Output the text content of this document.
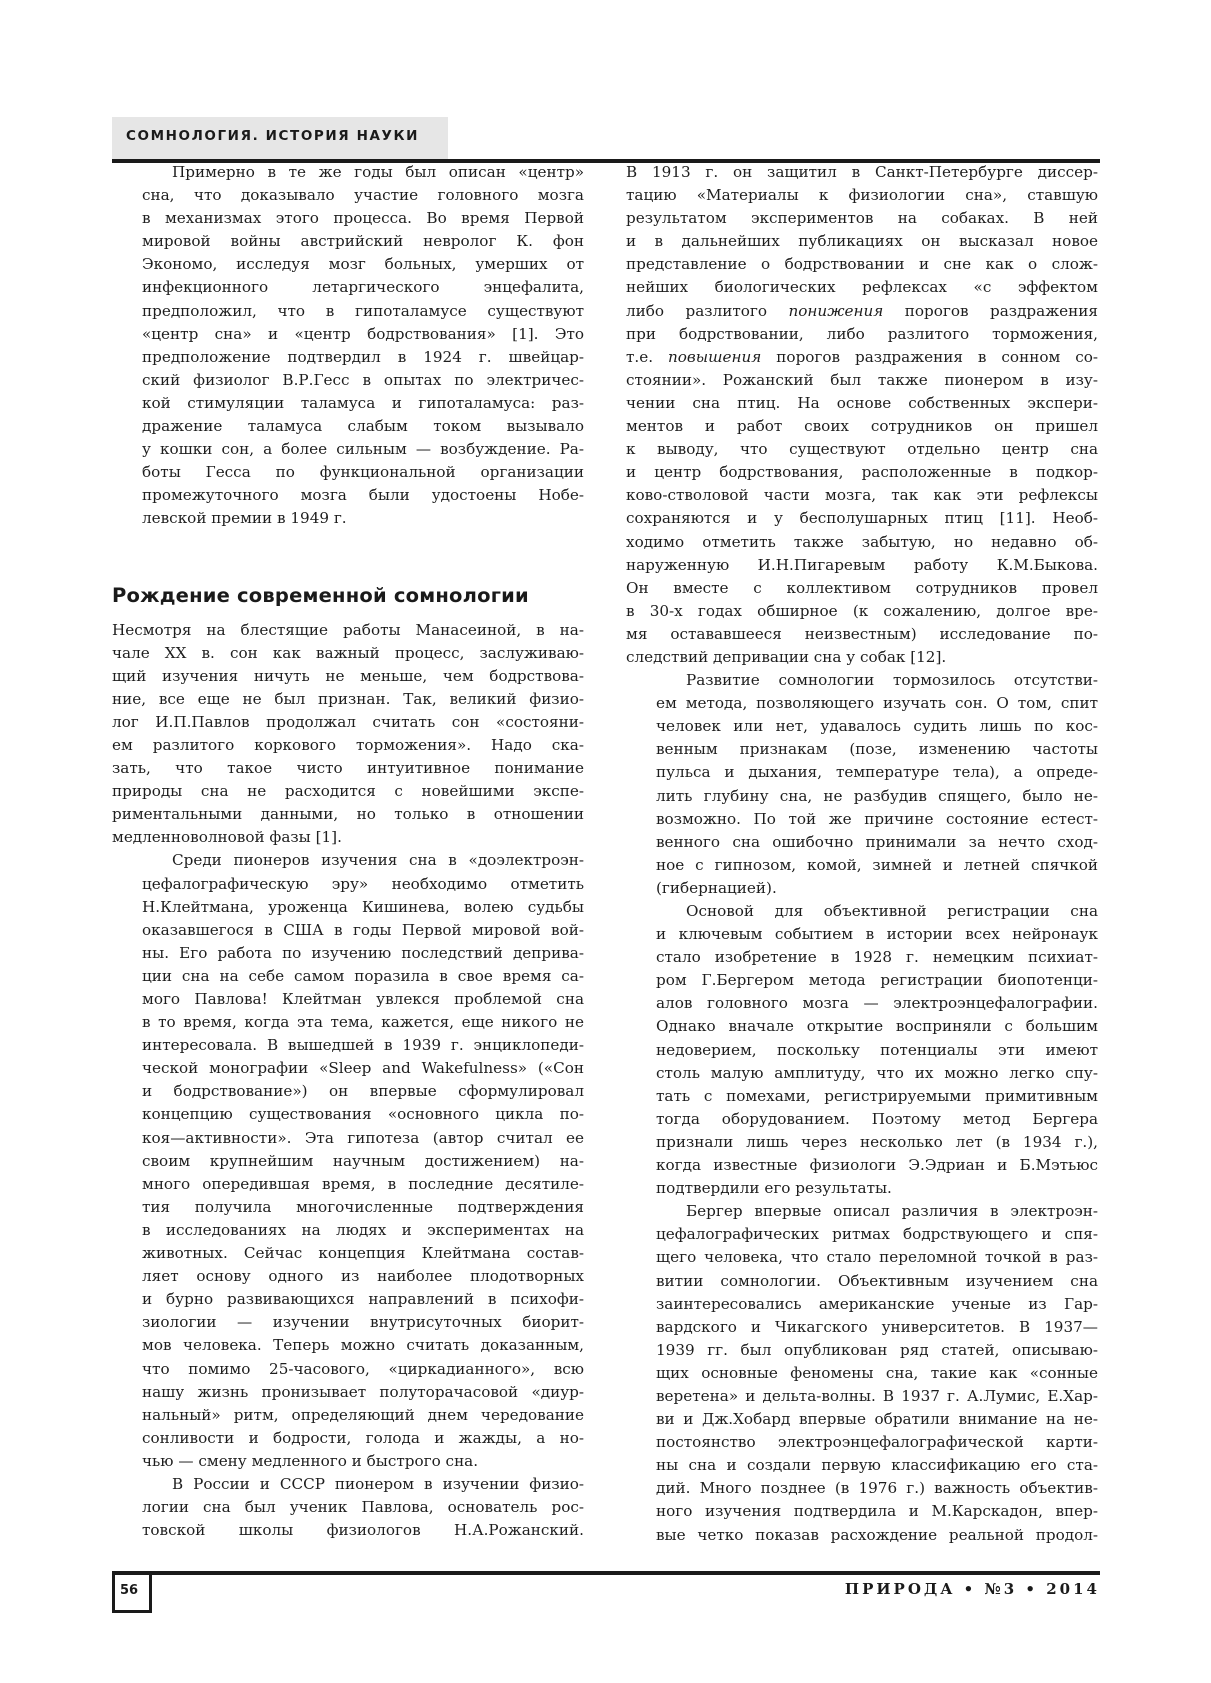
СОМНОЛОГИЯ. ИСТОРИЯ НАУКИ

Примерно в те же годы был описан «центр»
сна, что доказывало участие головного мозга
в механизмах этого процесса. Во время Первой
мировой войны австрийский невролог К. фон
Экономо, исследуя мозг больных, умерших от
инфекционного летаргического энцефалита,
предположил, что в гипоталамусе существуют
«центр сна» и «центр бодрствования» [1]. Это
предположение подтвердил в 1924 г. швейцар-
ский физиолог В.Р.Гесс в опытах по электричес-
кой стимуляции таламуса и гипоталамуса: раз-
дражение таламуса слабым током вызывало
у кошки сон, а более сильным — возбуждение. Ра-
боты Гесса по функциональной организации
промежуточного мозга были удостоены Нобе-
левской премии в 1949 г.

Рождение современной сомнологии

Несмотря на блестящие работы Манасеиной, в на-
чале XX в. сон как важный процесс, заслуживаю-
щий изучения ничуть не меньше, чем бодрствова-
ние, все еще не был признан. Так, великий физио-
лог И.П.Павлов продолжал считать сон «состояни-
ем разлитого коркового торможения». Надо ска-
зать, что такое чисто интуитивное понимание
природы сна не расходится с новейшими экспе-
риментальными данными, но только в отношении
медленноволновой фазы [1].

Среди пионеров изучения сна в «доэлектроэн-
цефалографическую эру» необходимо отметить
Н.Клейтмана, уроженца Кишинева, волею судьбы
оказавшегося в США в годы Первой мировой вой-
ны. Его работа по изучению последствий деприва-
ции сна на себе самом поразила в свое время са-
мого Павлова! Клейтман увлекся проблемой сна
в то время, когда эта тема, кажется, еще никого не
интересовала. В вышедшей в 1939 г. энциклопеди-
ческой монографии «Sleep and Wakefulness» («Сон
и бодрствование») он впервые сформулировал
концепцию существования «основного цикла по-
коя—активности». Эта гипотеза (автор считал ее
своим крупнейшим научным достижением) на-
много опередившая время, в последние десятиле-
тия получила многочисленные подтверждения
в исследованиях на людях и экспериментах на
животных. Сейчас концепция Клейтмана состав-
ляет основу одного из наиболее плодотворных
и бурно развивающихся направлений в психофи-
зиологии — изучении внутрисуточных биорит-
мов человека. Теперь можно считать доказанным,
что помимо 25-часового, «циркадианного», всю
нашу жизнь пронизывает полуторачасовой «диур-
нальный» ритм, определяющий днем чередование
сонливости и бодрости, голода и жажды, а но-
чью — смену медленного и быстрого сна.

В России и СССР пионером в изучении физио-
логии сна был ученик Павлова, основатель рос-
товской школы физиологов Н.А.Рожанский.

В 1913 г. он защитил в Санкт-Петербурге диссер-
тацию «Материалы к физиологии сна», ставшую
результатом экспериментов на собаках. В ней
и в дальнейших публикациях он высказал новое
представление о бодрствовании и сне как о слож-
нейших биологических рефлексах «с эффектом
либо разлитого понижения порогов раздражения
при бодрствовании, либо разлитого торможения,
т.е. повышения порогов раздражения в сонном со-
стоянии». Рожанский был также пионером в изу-
чении сна птиц. На основе собственных экспери-
ментов и работ своих сотрудников он пришел
к выводу, что существуют отдельно центр сна
и центр бодрствования, расположенные в подкор-
ково-стволовой части мозга, так как эти рефлексы
сохраняются и у бесполушарных птиц [11]. Необ-
ходимо отметить также забытую, но недавно об-
наруженную И.Н.Пигаревым работу К.М.Быкова.
Он вместе с коллективом сотрудников провел
в 30-х годах обширное (к сожалению, долгое вре-
мя остававшееся неизвестным) исследование по-
следствий депривации сна у собак [12].

Развитие сомнологии тормозилось отсутстви-
ем метода, позволяющего изучать сон. О том, спит
человек или нет, удавалось судить лишь по кос-
венным признакам (позе, изменению частоты
пульса и дыхания, температуре тела), а опреде-
лить глубину сна, не разбудив спящего, было не-
возможно. По той же причине состояние естест-
венного сна ошибочно принимали за нечто сход-
ное с гипнозом, комой, зимней и летней спячкой
(гибернацией).

Основой для объективной регистрации сна
и ключевым событием в истории всех нейронаук
стало изобретение в 1928 г. немецким психиат-
ром Г.Бергером метода регистрации биопотенци-
алов головного мозга — электроэнцефалографии.
Однако вначале открытие восприняли с большим
недоверием, поскольку потенциалы эти имеют
столь малую амплитуду, что их можно легко спу-
тать с помехами, регистрируемыми примитивным
тогда оборудованием. Поэтому метод Бергера
признали лишь через несколько лет (в 1934 г.),
когда известные физиологи Э.Эдриан и Б.Мэтьюс
подтвердили его результаты.

Бергер впервые описал различия в электроэн-
цефалографических ритмах бодрствующего и спя-
щего человека, что стало переломной точкой в раз-
витии сомнологии. Объективным изучением сна
заинтересовались американские ученые из Гар-
вардского и Чикагского университетов. В 1937—
1939 гг. был опубликован ряд статей, описываю-
щих основные феномены сна, такие как «сонные
веретена» и дельта-волны. В 1937 г. А.Лумис, Е.Хар-
ви и Дж.Хобард впервые обратили внимание на не-
постоянство электроэнцефалографической карти-
ны сна и создали первую классификацию его ста-
дий. Много позднее (в 1976 г.) важность объектив-
ного изучения подтвердила и М.Карскадон, впер-
вые четко показав расхождение реальной продол-

56	ПРИРОДА • №3 • 2014
